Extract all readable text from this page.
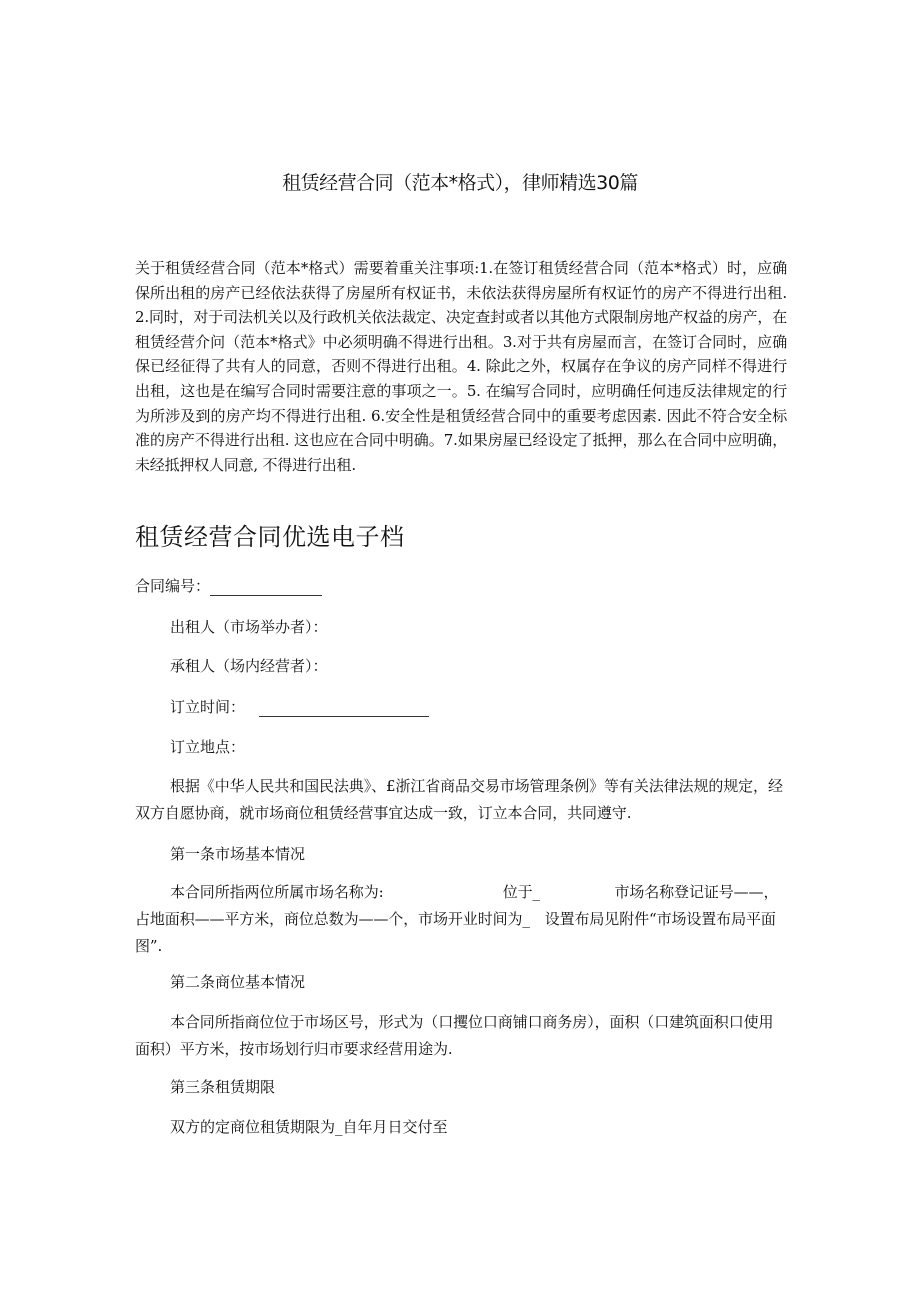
租赁经营合同（范本*格式），律师精选30篇
关于租赁经营合同（范本*格式）需要着重关注事项:1.在签订租赁经营合同（范本*格式）时，应确保所出租的房产已经依法获得了房屋所有权证书，未依法获得房屋所有权证竹的房产不得进行出租. 2.同时，对于司法机关以及行政机关依法裁定、决定查封或者以其他方式限制房地产权益的房产，在租赁经营介问（范本*格式》中必须明确不得进行出租。3.对于共有房屋而言，在签订合同时，应确保已经征得了共有人的同意，否则不得进行出租。4. 除此之外，权属存在争议的房产同样不得进行出租，这也是在编写合同时需要注意的事项之一。5. 在编写合同时，应明确任何违反法律规定的行为所涉及到的房产均不得进行出租. 6.安全性是租赁经营合同中的重要考虑因素. 因此不符合安全标准的房产不得进行出租. 这也应在合同中明确。7.如果房屋已经设定了抵押，那么在合同中应明确，未经抵押权人同意, 不得进行出租.
租赁经营合同优选电子档
合同编号：
出租人（市场举办者）：
承租人（场内经营者）：
订立时间：
订立地点：
根据《中华人民共和国民法典》、£浙江省商品交易市场管理条例》等有关法律法规的规定，经双方自愿协商，就市场商位租赁经营事宜达成一致，订立本合同，共同遵守.
第一条市场基本情况
本合同所指两位所属市场名称为:　　　　　　　　位于_　　　　　市场名称登记证号——，占地面积——平方米，商位总数为——个，市场开业时间为_　设置布局见附件“市场设置布局平面图”.
第二条商位基本情况
本合同所指商位位于市场区号，形式为（口攫位口商铺口商务房），面积（口建筑面积口使用面积）平方米，按市场划行归市要求经营用途为.
第三条租赁期限
双方的定商位租赁期限为_自年月日交付至
